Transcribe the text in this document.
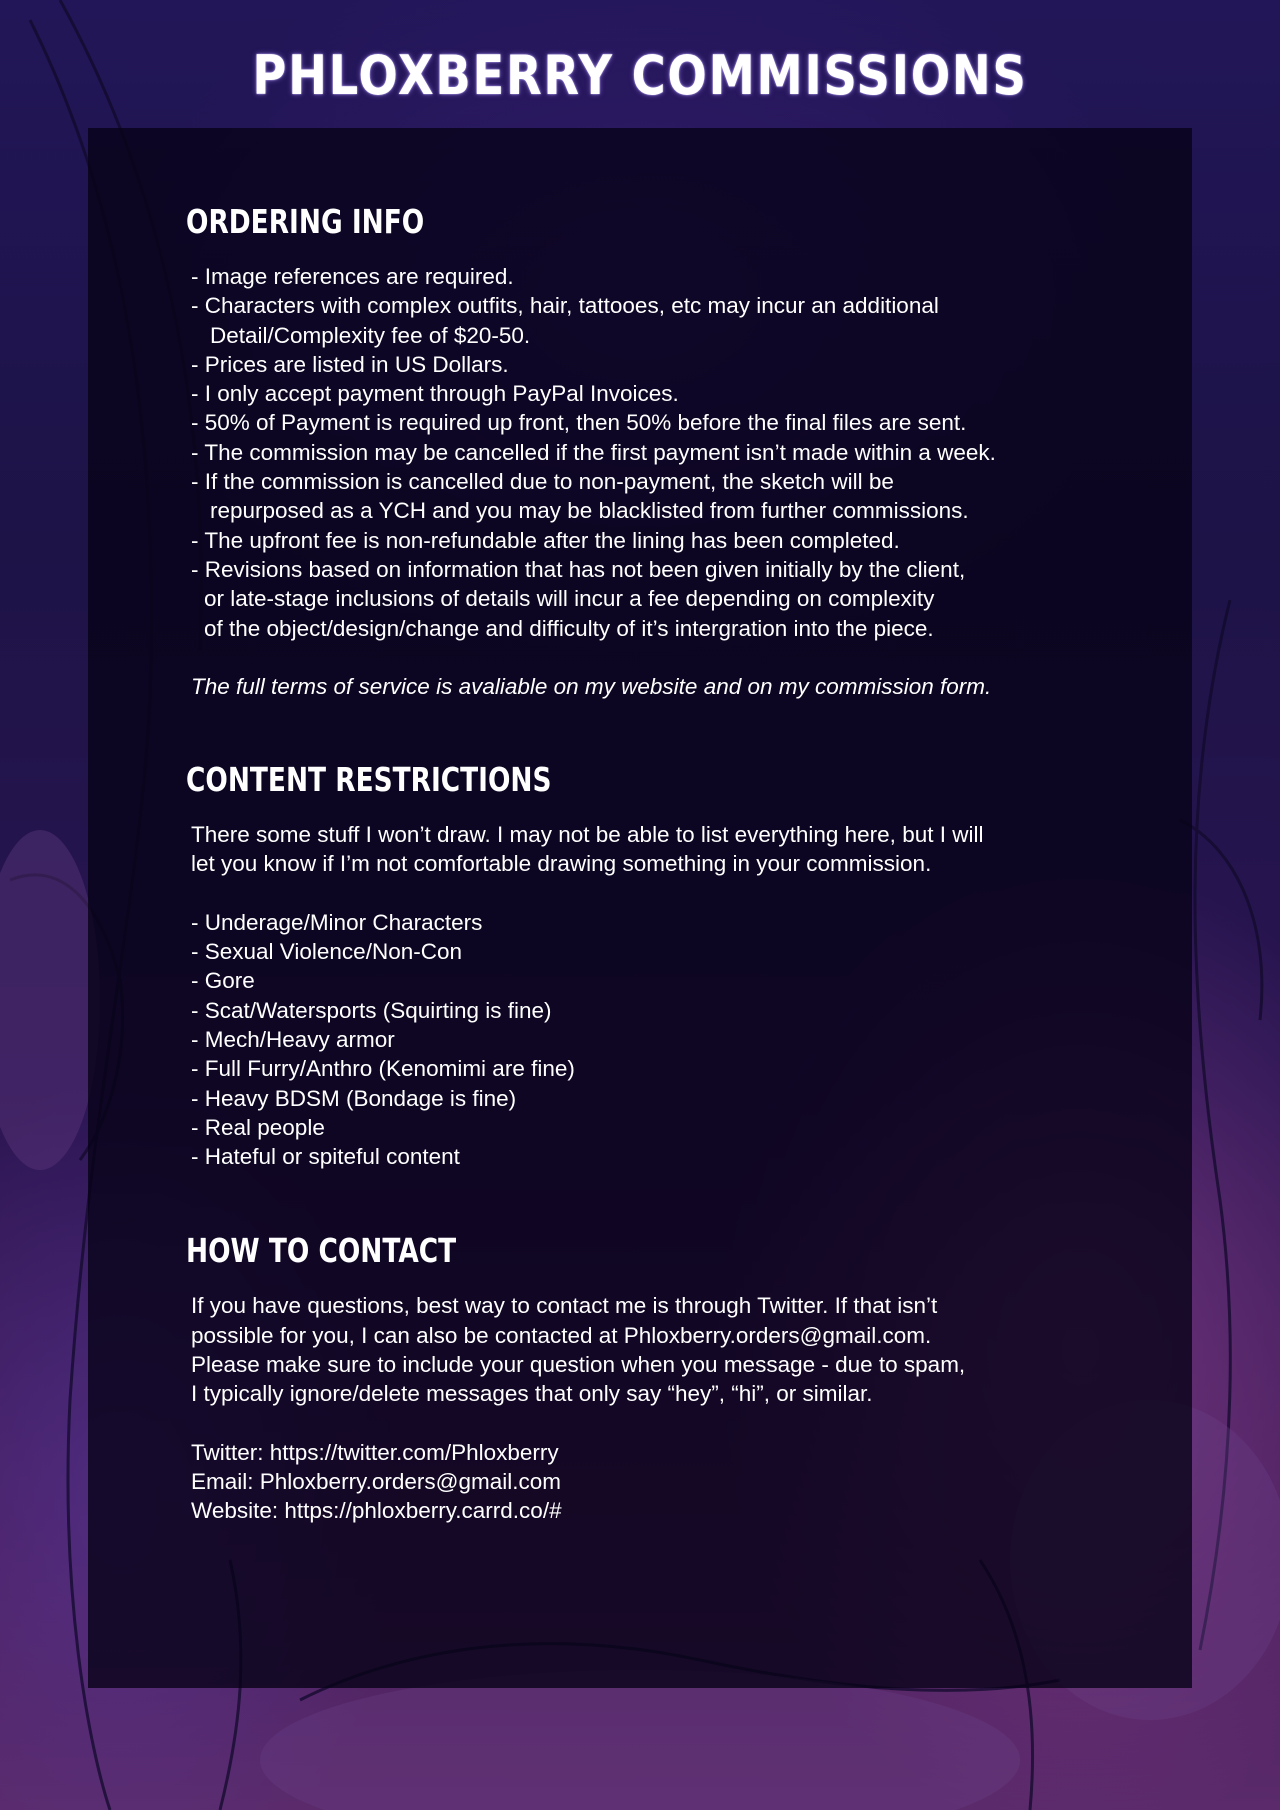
PHLOXBERRY COMMISSIONS
ORDERING INFO
- Image references are required.
- Characters with complex outfits, hair, tattooes, etc may incur an additional
Detail/Complexity fee of $20-50.
- Prices are listed in US Dollars.
- I only accept payment through PayPal Invoices.
- 50% of Payment is required up front, then 50% before the final files are sent.
- The commission may be cancelled if the first payment isn’t made within a week.
- If the commission is cancelled due to non-payment, the sketch will be
repurposed as a YCH and you may be blacklisted from further commissions.
- The upfront fee is non-refundable after the lining has been completed.
- Revisions based on information that has not been given initially by the client,
or late-stage inclusions of details will incur a fee depending on complexity
of the object/design/change and difficulty of it’s intergration into the piece.
The full terms of service is avaliable on my website and on my commission form.
CONTENT RESTRICTIONS
There some stuff I won’t draw. I may not be able to list everything here, but I will
let you know if I’m not comfortable drawing something in your commission.
- Underage/Minor Characters
- Sexual Violence/Non-Con
- Gore
- Scat/Watersports (Squirting is fine)
- Mech/Heavy armor
- Full Furry/Anthro (Kenomimi are fine)
- Heavy BDSM (Bondage is fine)
- Real people
- Hateful or spiteful content
HOW TO CONTACT
If you have questions, best way to contact me is through Twitter. If that isn’t
possible for you, I can also be contacted at Phloxberry.orders@gmail.com.
Please make sure to include your question when you message - due to spam,
I typically ignore/delete messages that only say “hey”, “hi”, or similar.
Twitter: https://twitter.com/Phloxberry
Email: Phloxberry.orders@gmail.com
Website: https://phloxberry.carrd.co/#
